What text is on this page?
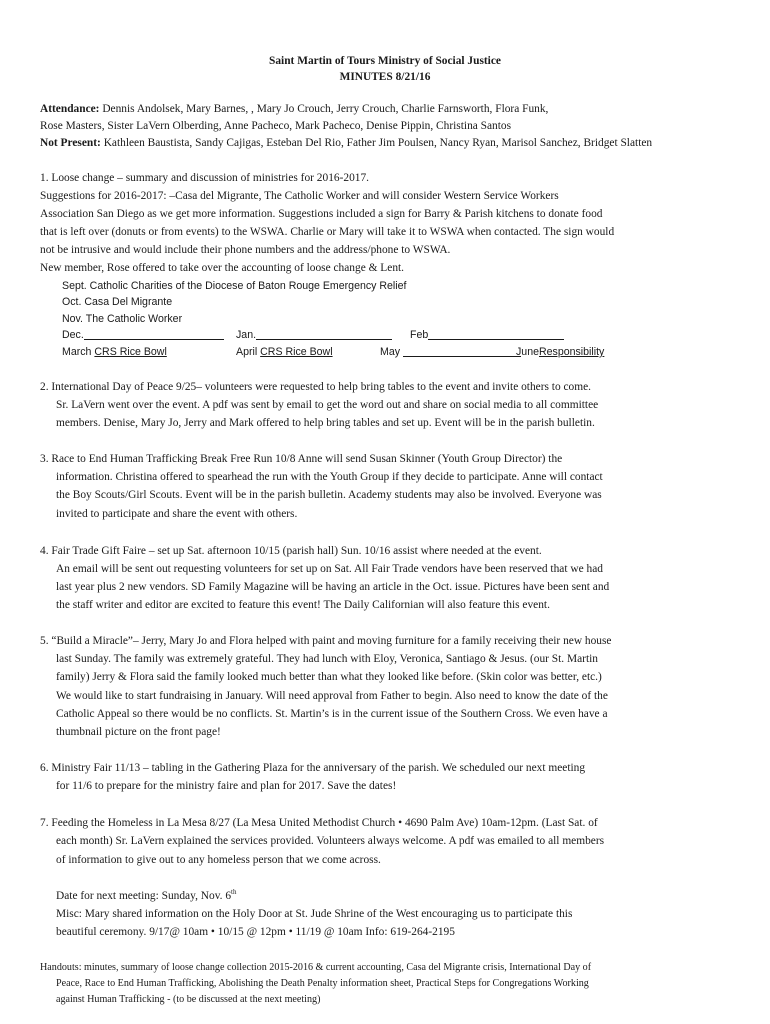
Saint Martin of Tours Ministry of Social Justice
MINUTES 8/21/16
Attendance: Dennis Andolsek, Mary Barnes, , Mary Jo Crouch, Jerry Crouch, Charlie Farnsworth, Flora Funk,
Rose Masters, Sister LaVern Olberding, Anne Pacheco, Mark Pacheco, Denise Pippin, Christina Santos
Not Present: Kathleen Baustista, Sandy Cajigas, Esteban Del Rio, Father Jim Poulsen, Nancy Ryan, Marisol Sanchez, Bridget Slatten
1. Loose change – summary and discussion of ministries for 2016-2017.
Suggestions for 2016-2017: –Casa del Migrante, The Catholic Worker and will consider Western Service Workers
Association San Diego as we get more information. Suggestions included a sign for Barry & Parish kitchens to donate food
that is left over (donuts or from events) to the WSWA. Charlie or Mary will take it to WSWA when contacted. The sign would
not be intrusive and would include their phone numbers and the address/phone to WSWA.
New member, Rose offered to take over the accounting of loose change & Lent.
Sept. Catholic Charities of the Diocese of Baton Rouge Emergency Relief
Oct. Casa Del Migrante
Nov. The Catholic Worker
Dec.	Jan.	Feb
March CRS Rice Bowl	April CRS Rice Bowl	May	JuneResponsibility
2. International Day of Peace 9/25– volunteers were requested to help bring tables to the event and invite others to come.
Sr. LaVern went over the event. A pdf was sent by email to get the word out and share on social media to all committee
members. Denise, Mary Jo, Jerry and Mark offered to help bring tables and set up. Event will be in the parish bulletin.
3. Race to End Human Trafficking Break Free Run 10/8 Anne will send Susan Skinner (Youth Group Director) the
information. Christina offered to spearhead the run with the Youth Group if they decide to participate. Anne will contact
the Boy Scouts/Girl Scouts. Event will be in the parish bulletin. Academy students may also be involved. Everyone was
invited to participate and share the event with others.
4. Fair Trade Gift Faire – set up Sat. afternoon 10/15 (parish hall) Sun. 10/16 assist where needed at the event.
An email will be sent out requesting volunteers for set up on Sat. All Fair Trade vendors have been reserved that we had
last year plus 2 new vendors. SD Family Magazine will be having an article in the Oct. issue. Pictures have been sent and
the staff writer and editor are excited to feature this event! The Daily Californian will also feature this event.
5. “Build a Miracle”– Jerry, Mary Jo and Flora helped with paint and moving furniture for a family receiving their new house
last Sunday. The family was extremely grateful. They had lunch with Eloy, Veronica, Santiago & Jesus. (our St. Martin
family) Jerry & Flora said the family looked much better than what they looked like before. (Skin color was better, etc.)
We would like to start fundraising in January. Will need approval from Father to begin. Also need to know the date of the
Catholic Appeal so there would be no conflicts. St. Martin’s is in the current issue of the Southern Cross. We even have a
thumbnail picture on the front page!
6. Ministry Fair 11/13 – tabling in the Gathering Plaza for the anniversary of the parish. We scheduled our next meeting
for 11/6 to prepare for the ministry faire and plan for 2017. Save the dates!
7. Feeding the Homeless in La Mesa 8/27 (La Mesa United Methodist Church • 4690 Palm Ave) 10am-12pm. (Last Sat. of
each month) Sr. LaVern explained the services provided. Volunteers always welcome. A pdf was emailed to all members
of information to give out to any homeless person that we come across.
Date for next meeting: Sunday, Nov. 6th
Misc: Mary shared information on the Holy Door at St. Jude Shrine of the West encouraging us to participate this
beautiful ceremony. 9/17@ 10am • 10/15 @ 12pm • 11/19 @ 10am Info: 619-264-2195
Handouts: minutes, summary of loose change collection 2015-2016 & current accounting, Casa del Migrante crisis, International Day of
Peace, Race to End Human Trafficking, Abolishing the Death Penalty information sheet, Practical Steps for Congregations Working
against Human Trafficking - (to be discussed at the next meeting)
